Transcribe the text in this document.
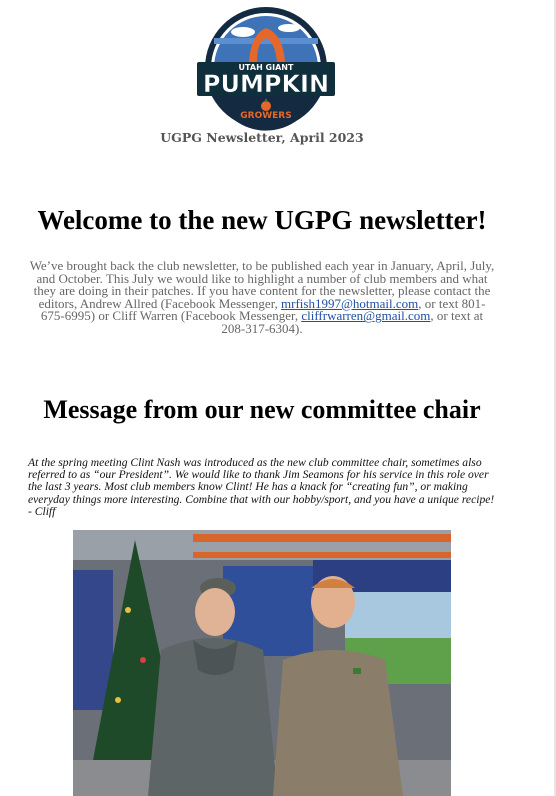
UTAH GIANT
PUMPKIN
GROWERS
UGPG Newsletter, April 2023
Welcome to the new UGPG newsletter!

We’ve brought back the club newsletter, to be published each year in January, April, July, and October. This July we would like to highlight a number of club members and what they are doing in their patches. If you have content for the newsletter, please contact the editors, Andrew Allred (Facebook Messenger, mrfish1997@hotmail.com, or text 801-675-6995) or Cliff Warren (Facebook Messenger, cliffrwarren@gmail.com, or text at 208-317-6304).

Message from our new committee chair

At the spring meeting Clint Nash was introduced as the new club committee chair, sometimes also referred to as “our President”. We would like to thank Jim Seamons for his service in this role over the last 3 years. Most club members know Clint! He has a knack for “creating fun”, or making everyday things more interesting. Combine that with our hobby/sport, and you have a unique recipe! - Cliff
